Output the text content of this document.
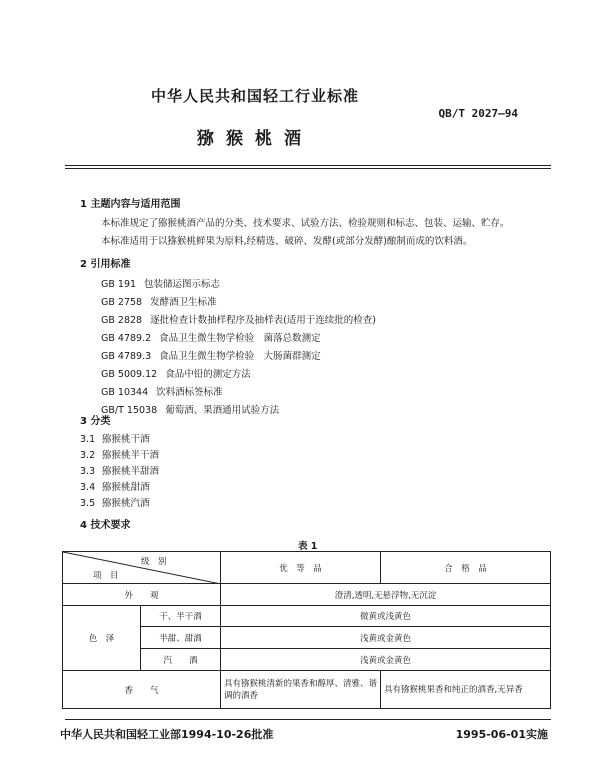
中华人民共和国轻工行业标准
QB/T 2027—94
猕猴桃酒
1 主题内容与适用范围
本标准规定了猕猴桃酒产品的分类、技术要求、试验方法、检验规则和标志、包装、运输、贮存。
本标准适用于以猕猴桃鲜果为原料,经精选、破碎、发酵(或部分发酵)酿制而成的饮料酒。
2 引用标准
GB 191 包装储运图示标志
GB 2758 发酵酒卫生标准
GB 2828 逐批检查计数抽样程序及抽样表(适用于连续批的检查)
GB 4789.2 食品卫生微生物学检验　菌落总数测定
GB 4789.3 食品卫生微生物学检验　大肠菌群测定
GB 5009.12 食品中铅的测定方法
GB 10344 饮料酒标签标准
GB/T 15038 葡萄酒、果酒通用试验方法
3 分类
3.1 猕猴桃干酒
3.2 猕猴桃半干酒
3.3 猕猴桃半甜酒
3.4 猕猴桃甜酒
3.5 猕猴桃汽酒
4 技术要求
表 1
级　别
项　目		优　等　品	合　格　品
外　　观		澄清,透明,无悬浮物,无沉淀	
色　泽	干、半干酒	微黄或浅黄色	
	半甜、甜酒	浅黄或金黄色	
	汽　　酒	浅黄或金黄色	
香　　气		具有猕猴桃清新的果香和醇厚、清雅、谐调的酒香	具有猕猴桃果香和纯正的酒香,无异香
中华人民共和国轻工业部1994-10-26批准	1995-06-01实施
